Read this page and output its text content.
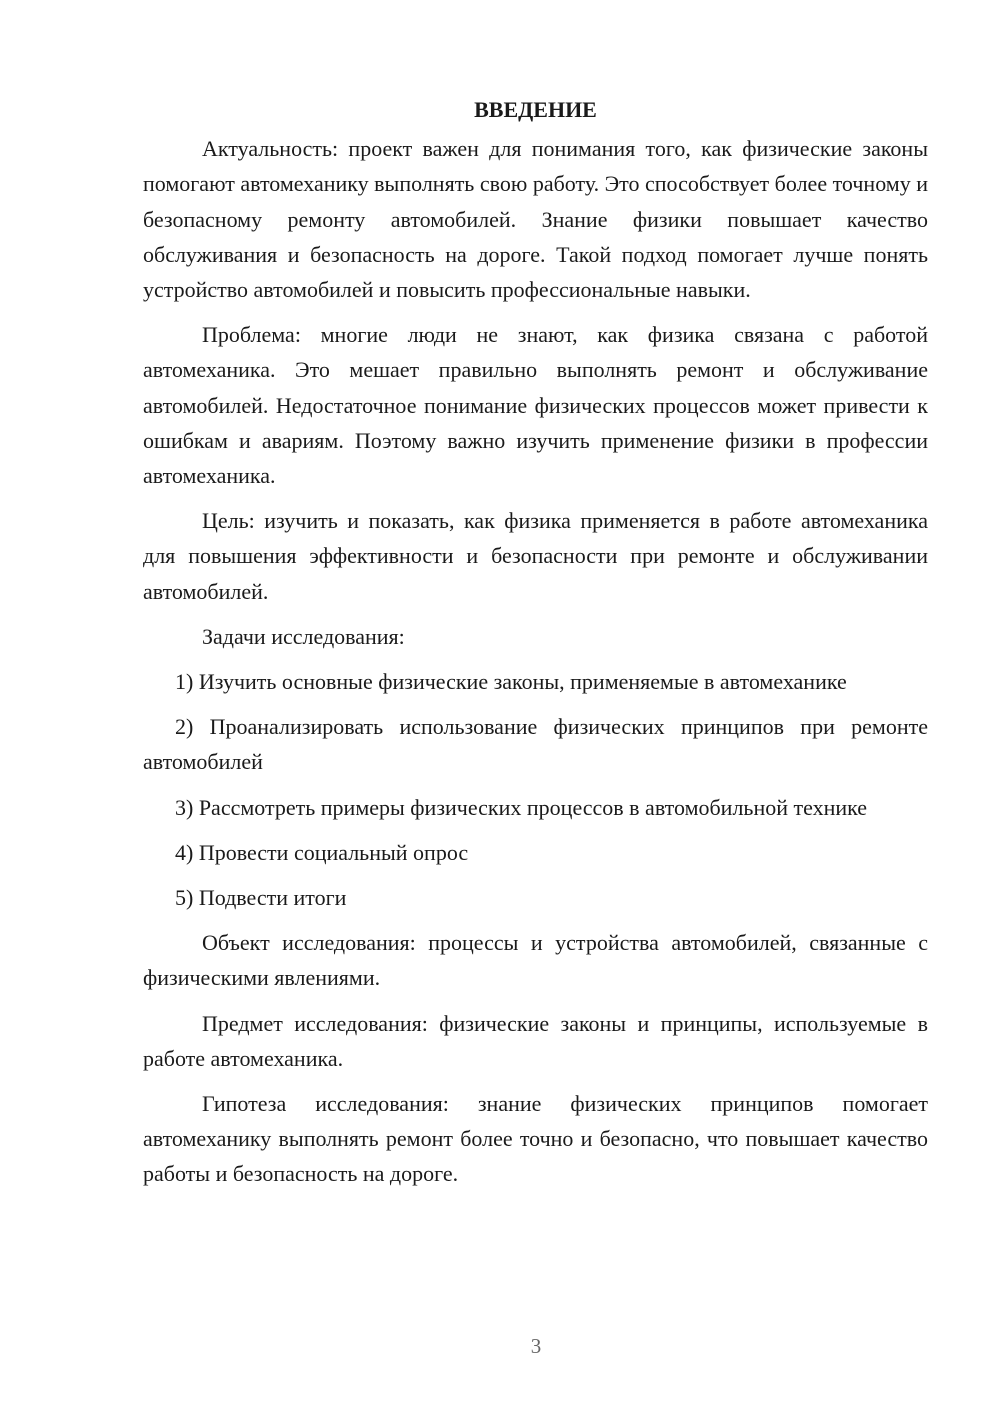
ВВЕДЕНИЕ

Актуальность: проект важен для понимания того, как физические законы помогают автомеханику выполнять свою работу. Это способствует более точному и безопасному ремонту автомобилей. Знание физики повышает качество обслуживания и безопасность на дороге. Такой подход помогает лучше понять устройство автомобилей и повысить профессиональные навыки.

Проблема: многие люди не знают, как физика связана с работой автомеханика. Это мешает правильно выполнять ремонт и обслуживание автомобилей. Недостаточное понимание физических процессов может привести к ошибкам и авариям. Поэтому важно изучить применение физики в профессии автомеханика.

Цель: изучить и показать, как физика применяется в работе автомеханика для повышения эффективности и безопасности при ремонте и обслуживании автомобилей.

Задачи исследования:

1) Изучить основные физические законы, применяемые в автомеханике

2) Проанализировать использование физических принципов при ремонте автомобилей

3) Рассмотреть примеры физических процессов в автомобильной технике

4) Провести социальный опрос

5) Подвести итоги

Объект исследования: процессы и устройства автомобилей, связанные с физическими явлениями.

Предмет исследования: физические законы и принципы, используемые в работе автомеханика.

Гипотеза исследования: знание физических принципов помогает автомеханику выполнять ремонт более точно и безопасно, что повышает качество работы и безопасность на дороге.

3
